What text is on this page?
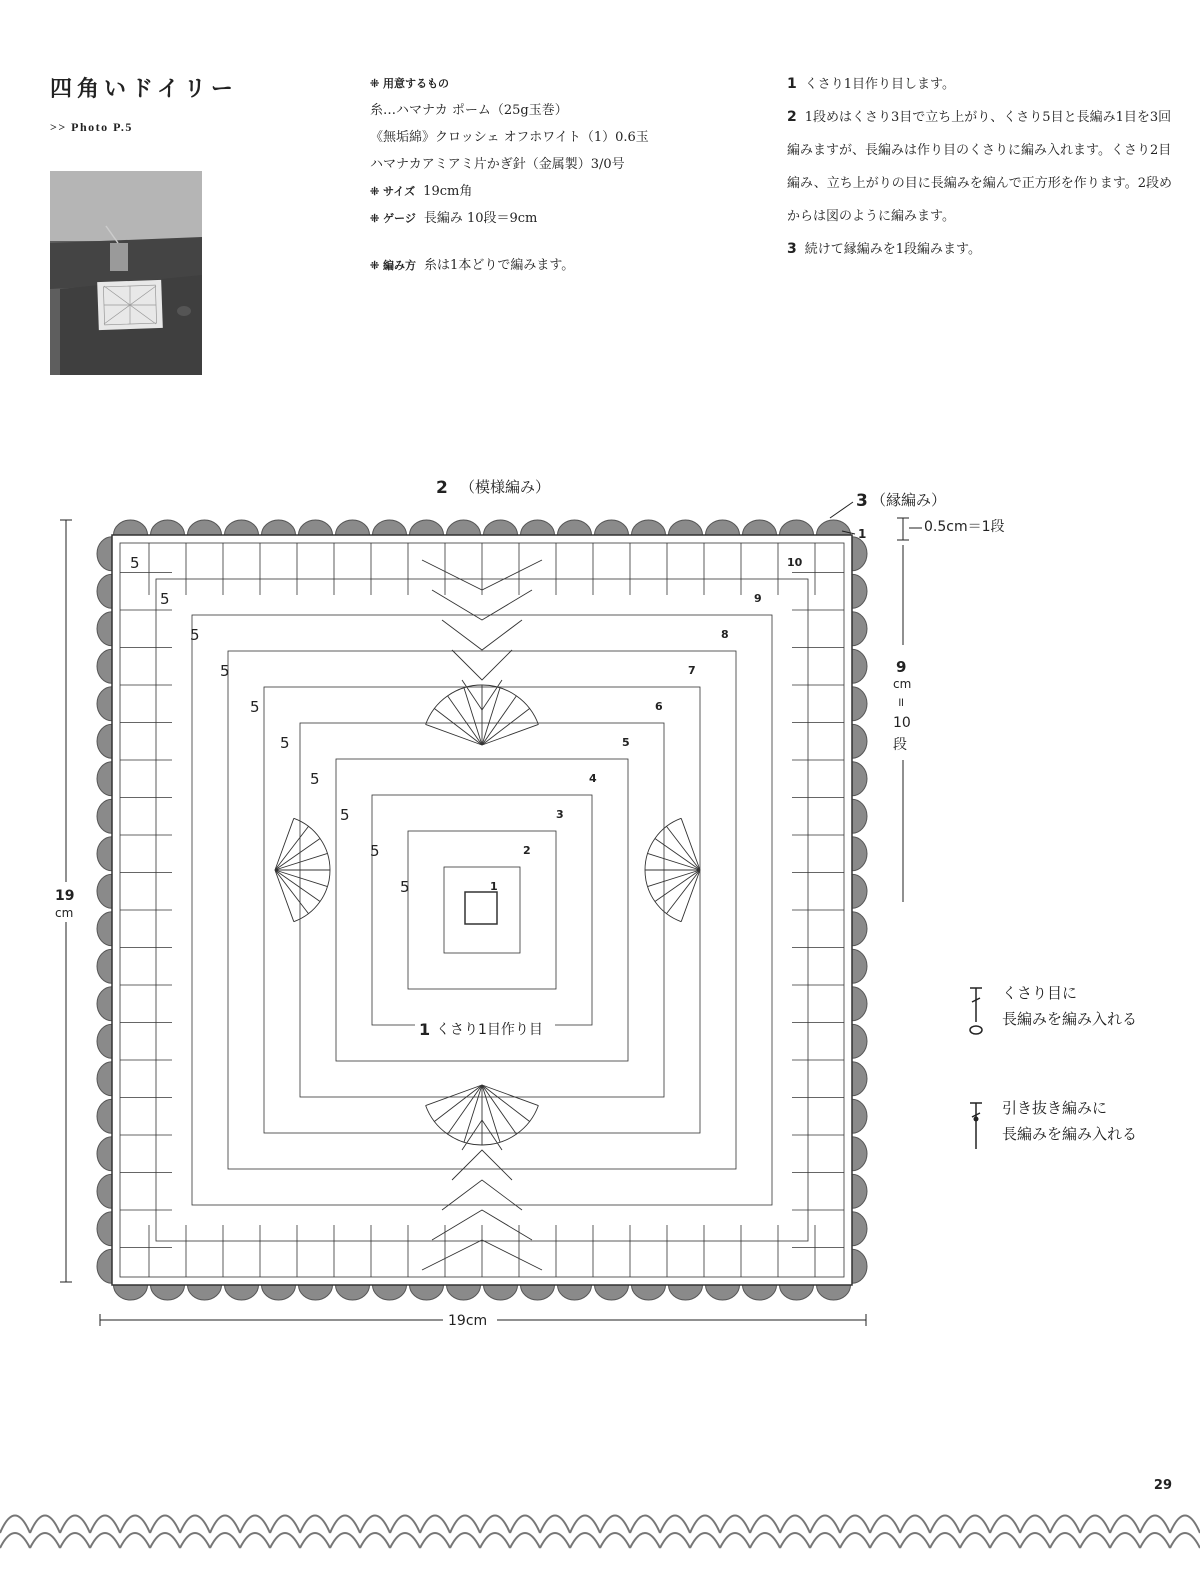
四角いドイリー
>> Photo P.5
⁜ 用意するもの
糸…ハマナカ ポーム（25g玉巻）
《無垢綿》クロッシェ オフホワイト（1）0.6玉
ハマナカアミアミ片かぎ針（金属製）3/0号
⁜ サイズ 19cm角
⁜ ゲージ 長編み 10段＝9cm
⁜ 編み方 糸は1本どりで編みます。
1 くさり1目作り目します。
2 1段めはくさり3目で立ち上がり、くさり5目と長編み1目を3回編みますが、長編みは作り目のくさりに編み入れます。くさり2目編み、立ち上がりの目に長編みを編んで正方形を作ります。2段めからは図のように編みます。
3 続けて縁編みを1段編みます。
1
2
3
4
5
6
7
8
9
10
5
5
5
5
5
5
5
5
5
5
2 （模様編み）
3 （縁編み）
1	0.5cm＝1段
9
cm
॥
10
段
19
cm
19cm
1 くさり1目作り目
くさり目に
長編みを編み入れる
引き抜き編みに
長編みを編み入れる
29
